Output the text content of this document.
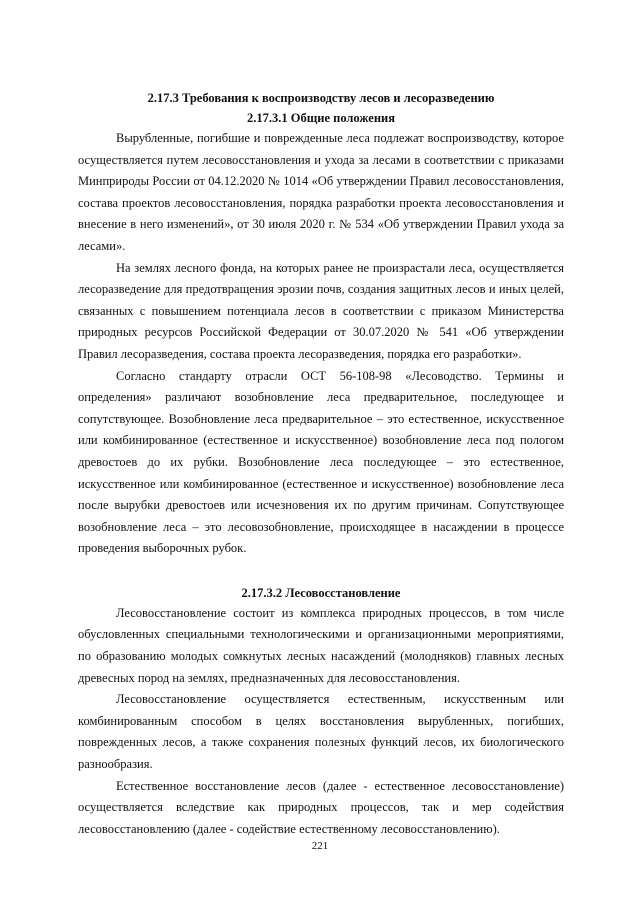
2.17.3 Требования к воспроизводству лесов и лесоразведению
2.17.3.1 Общие положения

Вырубленные, погибшие и поврежденные леса подлежат воспроизводству, которое осуществляется путем лесовосстановления и ухода за лесами в соответствии с приказами Минприроды России от 04.12.2020 № 1014 «Об утверждении Правил лесовосстановления, состава проектов лесовосстановления, порядка разработки проекта лесовосстановления и внесение в него изменений», от 30 июля 2020 г. № 534 «Об утверждении Правил ухода за лесами».

На землях лесного фонда, на которых ранее не произрастали леса, осуществляется лесоразведение для предотвращения эрозии почв, создания защитных лесов и иных целей, связанных с повышением потенциала лесов в соответствии с приказом Министерства природных ресурсов Российской Федерации от 30.07.2020 № 541 «Об утверждении Правил лесоразведения, состава проекта лесоразведения, порядка его разработки».

Согласно стандарту отрасли ОСТ 56-108-98 «Лесоводство. Термины и определения» различают возобновление леса предварительное, последующее и сопутствующее. Возобновление леса предварительное – это естественное, искусственное или комбинированное (естественное и искусственное) возобновление леса под пологом древостоев до их рубки. Возобновление леса последующее – это естественное, искусственное или комбинированное (естественное и искусственное) возобновление леса после вырубки древостоев или исчезновения их по другим причинам. Сопутствующее возобновление леса – это лесовозобновление, происходящее в насаждении в процессе проведения выборочных рубок.

2.17.3.2 Лесовосстановление

Лесовосстановление состоит из комплекса природных процессов, в том числе обусловленных специальными технологическими и организационными мероприятиями, по образованию молодых сомкнутых лесных насаждений (молодняков) главных лесных древесных пород на землях, предназначенных для лесовосстановления.

Лесовосстановление осуществляется естественным, искусственным или комбинированным способом в целях восстановления вырубленных, погибших, поврежденных лесов, а также сохранения полезных функций лесов, их биологического разнообразия.

Естественное восстановление лесов (далее - естественное лесовосстановление) осуществляется вследствие как природных процессов, так и мер содействия лесовосстановлению (далее - содействие естественному лесовосстановлению).

221
